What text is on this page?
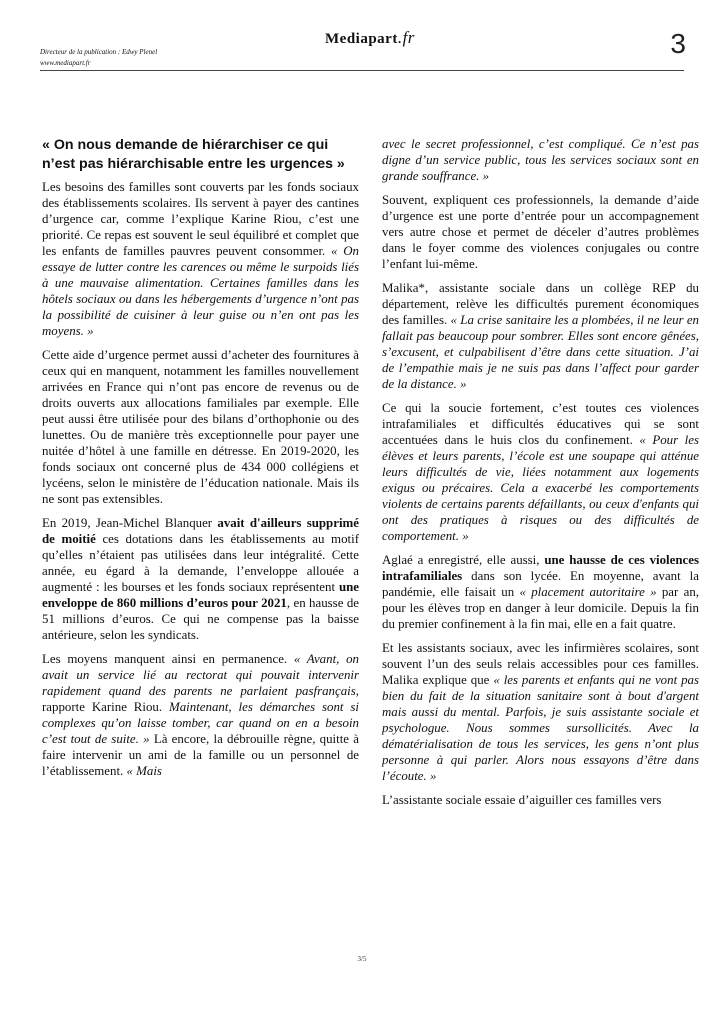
Directeur de la publication : Edwy Plenel
www.mediapart.fr
Mediapart.fr	3
« On nous demande de hiérarchiser ce qui n’est pas hiérarchisable entre les urgences »

Les besoins des familles sont couverts par les fonds sociaux des établissements scolaires. Ils servent à payer des cantines d’urgence car, comme l’explique Karine Riou, c’est une priorité. Ce repas est souvent le seul équilibré et complet que les enfants de familles pauvres peuvent consommer. « On essaye de lutter contre les carences ou même le surpoids liés à une mauvaise alimentation. Certaines familles dans les hôtels sociaux ou dans les hébergements d’urgence n’ont pas la possibilité de cuisiner à leur guise ou n’en ont pas les moyens. »

Cette aide d’urgence permet aussi d’acheter des fournitures à ceux qui en manquent, notamment les familles nouvellement arrivées en France qui n’ont pas encore de revenus ou de droits ouverts aux allocations familiales par exemple. Elle peut aussi être utilisée pour des bilans d’orthophonie ou des lunettes. Ou de manière très exceptionnelle pour payer une nuitée d’hôtel à une famille en détresse. En 2019-2020, les fonds sociaux ont concerné plus de 434 000 collégiens et lycéens, selon le ministère de l’éducation nationale. Mais ils ne sont pas extensibles.

En 2019, Jean-Michel Blanquer avait d'ailleurs supprimé de moitié ces dotations dans les établissements au motif qu’elles n’étaient pas utilisées dans leur intégralité. Cette année, eu égard à la demande, l’enveloppe allouée a augmenté : les bourses et les fonds sociaux représentent une enveloppe de 860 millions d’euros pour 2021, en hausse de 51 millions d’euros. Ce qui ne compense pas la baisse antérieure, selon les syndicats.

Les moyens manquent ainsi en permanence. « Avant, on avait un service lié au rectorat qui pouvait intervenir rapidement quand des parents ne parlaient pasfrançais, rapporte Karine Riou. Maintenant, les démarches sont si complexes qu’on laisse tomber, car quand on en a besoin c’est tout de suite. » Là encore, la débrouille règne, quitte à faire intervenir un ami de la famille ou un personnel de l’établissement. « Mais

avec le secret professionnel, c’est compliqué. Ce n’est pas digne d’un service public, tous les services sociaux sont en grande souffrance. »

Souvent, expliquent ces professionnels, la demande d’aide d’urgence est une porte d’entrée pour un accompagnement vers autre chose et permet de déceler d’autres problèmes dans le foyer comme des violences conjugales ou contre l’enfant lui-même.

Malika*, assistante sociale dans un collège REP du département, relève les difficultés purement économiques des familles. « La crise sanitaire les a plombées, il ne leur en fallait pas beaucoup pour sombrer. Elles sont encore gênées, s’excusent, et culpabilisent d’être dans cette situation. J’ai de l’empathie mais je ne suis pas dans l’affect pour garder de la distance. »

Ce qui la soucie fortement, c’est toutes ces violences intrafamiliales et difficultés éducatives qui se sont accentuées dans le huis clos du confinement. « Pour les élèves et leurs parents, l’école est une soupape qui atténue leurs difficultés de vie, liées notamment aux logements exigus ou précaires. Cela a exacerbé les comportements violents de certains parents défaillants, ou ceux d'enfants qui ont des pratiques à risques ou des difficultés de comportement. »

Aglaé a enregistré, elle aussi, une hausse de ces violences intrafamiliales dans son lycée. En moyenne, avant la pandémie, elle faisait un « placement autoritaire » par an, pour les élèves trop en danger à leur domicile. Depuis la fin du premier confinement à la fin mai, elle en a fait quatre.

Et les assistants sociaux, avec les infirmières scolaires, sont souvent l’un des seuls relais accessibles pour ces familles. Malika explique que « les parents et enfants qui ne vont pas bien du fait de la situation sanitaire sont à bout d'argent mais aussi du mental. Parfois, je suis assistante sociale et psychologue. Nous sommes sursollicités. Avec la dématérialisation de tous les services, les gens n’ont plus personne à qui parler. Alors nous essayons d’être dans l’écoute. »

L’assistante sociale essaie d’aiguiller ces familles vers

3/5
